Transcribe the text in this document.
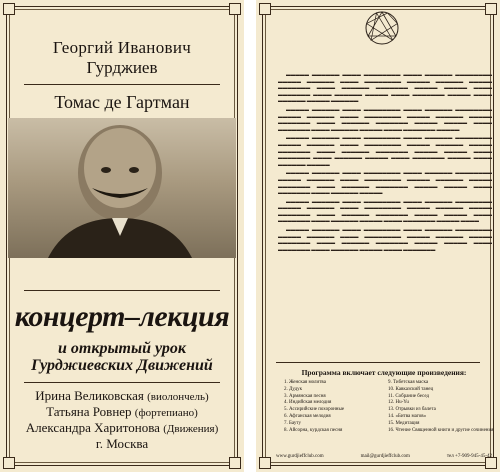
Георгий Иванович
Гурджиев
Томас де Гартман
концерт–лекция
и открытый урок
Гурджиевских Движений
Ирина Великовская (виолончель)
Татьяна Ровнер (фортепиано)
Александра Харитонова (Движения)
г. Москва

▬▬▬▬▬ ▬▬▬▬▬▬ ▬▬▬▬ ▬▬▬▬▬▬▬▬ ▬▬▬▬ ▬▬▬▬▬▬ ▬▬▬▬▬▬▬▬ ▬▬▬▬▬ ▬▬▬▬▬▬ ▬▬▬▬ ▬▬▬▬▬▬▬▬ ▬▬▬▬▬ ▬▬▬▬▬▬ ▬▬▬▬▬ ▬▬▬▬▬▬▬ ▬▬▬▬ ▬▬▬▬▬▬ ▬▬▬▬▬▬▬ ▬▬▬▬▬ ▬▬▬▬▬ ▬▬▬▬ ▬▬▬▬▬▬▬ ▬▬▬▬ ▬▬▬▬▬▬ ▬▬▬▬▬ ▬▬▬▬ ▬▬▬▬▬▬▬ ▬▬▬▬▬ ▬▬▬▬ ▬▬▬▬▬▬ ▬▬▬▬▬ ▬▬▬▬▬▬

▬▬▬▬▬ ▬▬▬▬▬▬ ▬▬▬▬ ▬▬▬▬▬▬▬▬ ▬▬▬▬ ▬▬▬▬▬▬ ▬▬▬▬▬▬▬▬ ▬▬▬▬▬ ▬▬▬▬▬▬ ▬▬▬▬ ▬▬▬▬▬▬▬▬ ▬▬▬▬▬ ▬▬▬▬▬▬ ▬▬▬▬▬ ▬▬▬▬▬▬▬ ▬▬▬▬ ▬▬▬▬▬▬ ▬▬▬▬▬▬▬ ▬▬▬▬▬ ▬▬▬▬▬ ▬▬▬▬ ▬▬▬▬▬▬▬ ▬▬▬▬ ▬▬▬▬▬▬ ▬▬▬▬▬ ▬▬▬▬ ▬▬▬▬▬▬▬ ▬▬▬▬▬

▬▬▬▬▬ ▬▬▬▬▬▬ ▬▬▬▬ ▬▬▬▬▬▬▬▬ ▬▬▬▬ ▬▬▬▬▬▬ ▬▬▬▬▬▬▬▬ ▬▬▬▬▬ ▬▬▬▬▬▬ ▬▬▬▬ ▬▬▬▬▬▬▬▬ ▬▬▬▬▬ ▬▬▬▬▬▬ ▬▬▬▬▬ ▬▬▬▬▬▬▬ ▬▬▬▬ ▬▬▬▬▬▬ ▬▬▬▬▬▬▬ ▬▬▬▬▬ ▬▬▬▬▬ ▬▬▬▬ ▬▬▬▬▬▬▬ ▬▬▬▬ ▬▬▬▬▬▬ ▬▬▬▬▬ ▬▬▬▬ ▬▬▬▬▬▬▬ ▬▬▬▬▬ ▬▬▬▬ ▬▬▬▬▬▬ ▬▬▬▬▬

▬▬▬▬▬ ▬▬▬▬▬▬ ▬▬▬▬ ▬▬▬▬▬▬▬▬ ▬▬▬▬ ▬▬▬▬▬▬ ▬▬▬▬▬▬▬▬ ▬▬▬▬▬ ▬▬▬▬▬▬ ▬▬▬▬ ▬▬▬▬▬▬▬▬ ▬▬▬▬▬ ▬▬▬▬▬▬ ▬▬▬▬▬ ▬▬▬▬▬▬▬ ▬▬▬▬ ▬▬▬▬▬▬ ▬▬▬▬▬▬▬ ▬▬▬▬▬ ▬▬▬▬▬ ▬▬▬▬ ▬▬▬▬▬▬▬ ▬▬▬▬ ▬▬▬▬▬▬ ▬▬▬▬▬

▬▬▬▬▬ ▬▬▬▬▬▬ ▬▬▬▬ ▬▬▬▬▬▬▬▬ ▬▬▬▬ ▬▬▬▬▬▬ ▬▬▬▬▬▬▬▬ ▬▬▬▬▬ ▬▬▬▬▬▬ ▬▬▬▬ ▬▬▬▬▬▬▬▬ ▬▬▬▬▬ ▬▬▬▬▬▬ ▬▬▬▬▬ ▬▬▬▬▬▬▬ ▬▬▬▬ ▬▬▬▬▬▬ ▬▬▬▬▬▬▬ ▬▬▬▬▬ ▬▬▬▬▬ ▬▬▬▬ ▬▬▬▬▬▬▬ ▬▬▬▬ ▬▬▬▬▬▬ ▬▬▬▬▬ ▬▬▬▬ ▬▬▬▬▬▬▬ ▬▬▬▬▬ ▬▬▬▬

▬▬▬▬▬ ▬▬▬▬▬▬ ▬▬▬▬ ▬▬▬▬▬▬▬▬ ▬▬▬▬ ▬▬▬▬▬▬ ▬▬▬▬▬▬▬▬ ▬▬▬▬▬ ▬▬▬▬▬▬ ▬▬▬▬ ▬▬▬▬▬▬▬▬ ▬▬▬▬▬ ▬▬▬▬▬▬ ▬▬▬▬▬ ▬▬▬▬▬▬▬ ▬▬▬▬ ▬▬▬▬▬▬ ▬▬▬▬▬▬▬ ▬▬▬▬▬ ▬▬▬▬▬ ▬▬▬▬ ▬▬▬▬▬▬▬ ▬▬▬▬ ▬▬▬▬▬▬ ▬▬▬▬▬ ▬▬▬▬ ▬▬▬▬▬▬▬

Программа включает следующие произведения:
1. Женская молитва
2. Дудук
3. Армянская песня
4. Индийская мелодия
5. Ассирийские похоронные
6. Афганская мелодия
7. Бауту
8. Айсорна, курдская песня
9. Тибетская маска
10. Кавказский танец
11. Собрание бесед
12. Hu-Yu
13. Отрывки из балета
14. «Битва магов»
15. Медитация
16. Чтение Священной книги и другие сочинения
www.gurdjieffclub.com	mail@gurdjieffclub.com	тел +7-909-945-45-42
